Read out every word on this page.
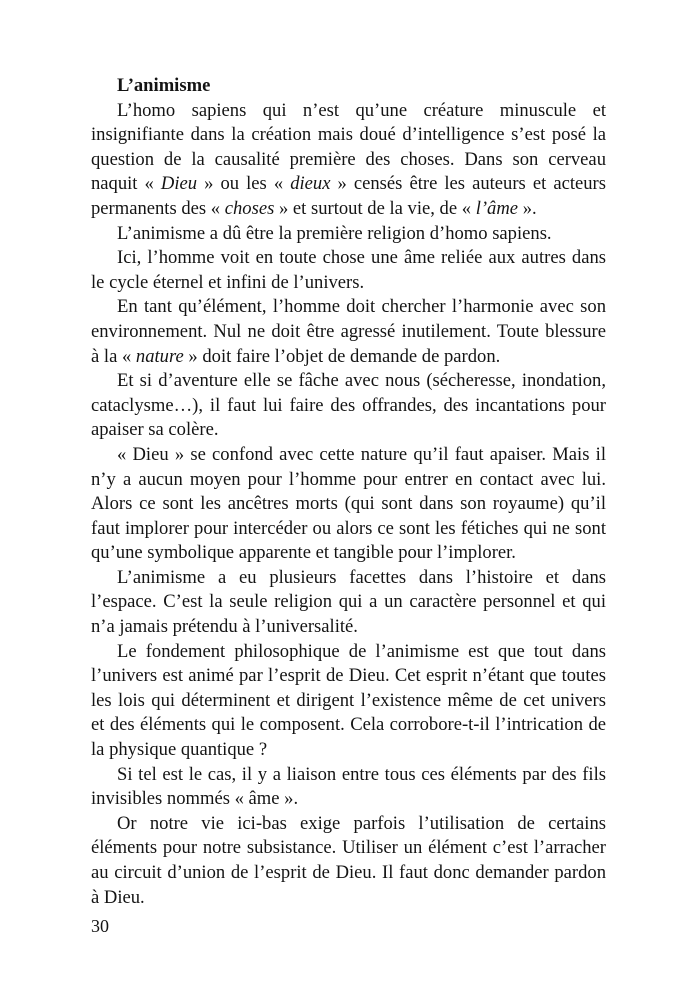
L’animisme

L’homo sapiens qui n’est qu’une créature minuscule et insignifiante dans la création mais doué d’intelligence s’est posé la question de la causalité première des choses. Dans son cerveau naquit « Dieu » ou les « dieux » censés être les auteurs et acteurs permanents des « choses » et surtout de la vie, de « l’âme ».

L’animisme a dû être la première religion d’homo sapiens.

Ici, l’homme voit en toute chose une âme reliée aux autres dans le cycle éternel et infini de l’univers.

En tant qu’élément, l’homme doit chercher l’harmonie avec son environnement. Nul ne doit être agressé inutilement. Toute blessure à la « nature » doit faire l’objet de demande de pardon.

Et si d’aventure elle se fâche avec nous (sécheresse, inondation, cataclysme…), il faut lui faire des offrandes, des incantations pour apaiser sa colère.

« Dieu » se confond avec cette nature qu’il faut apaiser. Mais il n’y a aucun moyen pour l’homme pour entrer en contact avec lui. Alors ce sont les ancêtres morts (qui sont dans son royaume) qu’il faut implorer pour intercéder ou alors ce sont les fétiches qui ne sont qu’une symbolique apparente et tangible pour l’implorer.

L’animisme a eu plusieurs facettes dans l’histoire et dans l’espace. C’est la seule religion qui a un caractère personnel et qui n’a jamais prétendu à l’universalité.

Le fondement philosophique de l’animisme est que tout dans l’univers est animé par l’esprit de Dieu. Cet esprit n’étant que toutes les lois qui déterminent et dirigent l’existence même de cet univers et des éléments qui le composent. Cela corrobore-t-il l’intrication de la physique quantique ?

Si tel est le cas, il y a liaison entre tous ces éléments par des fils invisibles nommés « âme ».

Or notre vie ici-bas exige parfois l’utilisation de certains éléments pour notre subsistance. Utiliser un élément c’est l’arracher au circuit d’union de l’esprit de Dieu. Il faut donc demander pardon à Dieu.

30
